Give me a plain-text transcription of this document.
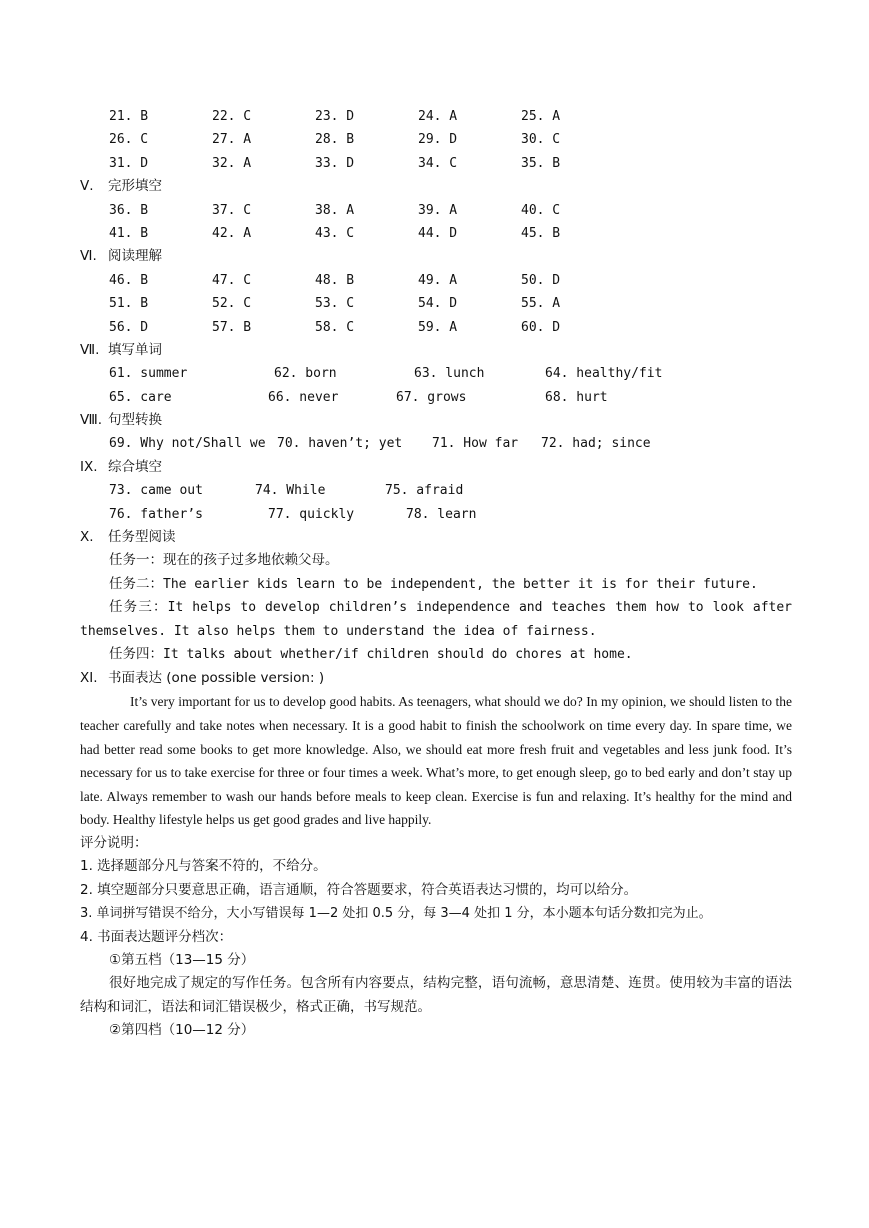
21. B	22. C	23. D	24. A	25. A
26. C	27. A	28. B	29. D	30. C
31. D	32. A	33. D	34. C	35. B
Ⅴ.	完形填空
36. B	37. C	38. A	39. A	40. C
41. B	42. A	43. C	44. D	45. B
Ⅵ. 阅读理解
46. B	47. C	48. B	49. A	50. D
51. B	52. C	53. C	54. D	55. A
56. D	57. B	58. C	59. A	60. D
Ⅶ. 填写单词
61. summer	62. born	63. lunch	64. healthy/fit
65. care	66. never	67. grows	68. hurt
Ⅷ. 句型转换
69. Why not/Shall we 70. haven’t; yet	71. How far	72. had; since
IX. 综合填空
73. came out	74. While	75. afraid
76. father’s	77. quickly	78. learn
Ⅹ.	任务型阅读
任务一：现在的孩子过多地依赖父母。
任务二：The earlier kids learn to be independent, the better it is for their future.
任务三：It helps to develop children’s independence and teaches them how to look after themselves. It also helps them to understand the idea of fairness.
任务四：It talks about whether/if children should do chores at home.
XI. 书面表达 (one possible version: )
It’s very important for us to develop good habits. As teenagers, what should we do? In my opinion, we should listen to the teacher carefully and take notes when necessary. It is a good habit to finish the schoolwork on time every day. In spare time, we had better read some books to get more knowledge. Also, we should eat more fresh fruit and vegetables and less junk food. It’s necessary for us to take exercise for three or four times a week. What’s more, to get enough sleep, go to bed early and don’t stay up late. Always remember to wash our hands before meals to keep clean. Exercise is fun and relaxing. It’s healthy for the mind and body. Healthy lifestyle helps us get good grades and live happily.
评分说明：
1. 选择题部分凡与答案不符的，不给分。
2. 填空题部分只要意思正确，语言通顺，符合答题要求，符合英语表达习惯的，均可以给分。
3. 单词拼写错误不给分，大小写错误每 1—2 处扣 0.5 分，每 3—4 处扣 1 分，本小题本句话分数扣完为止。
4. 书面表达题评分档次：
①第五档（13—15 分）
很好地完成了规定的写作任务。包含所有内容要点，结构完整，语句流畅，意思清楚、连贯。使用较为丰富的语法结构和词汇，语法和词汇错误极少，格式正确，书写规范。
②第四档（10—12 分）
